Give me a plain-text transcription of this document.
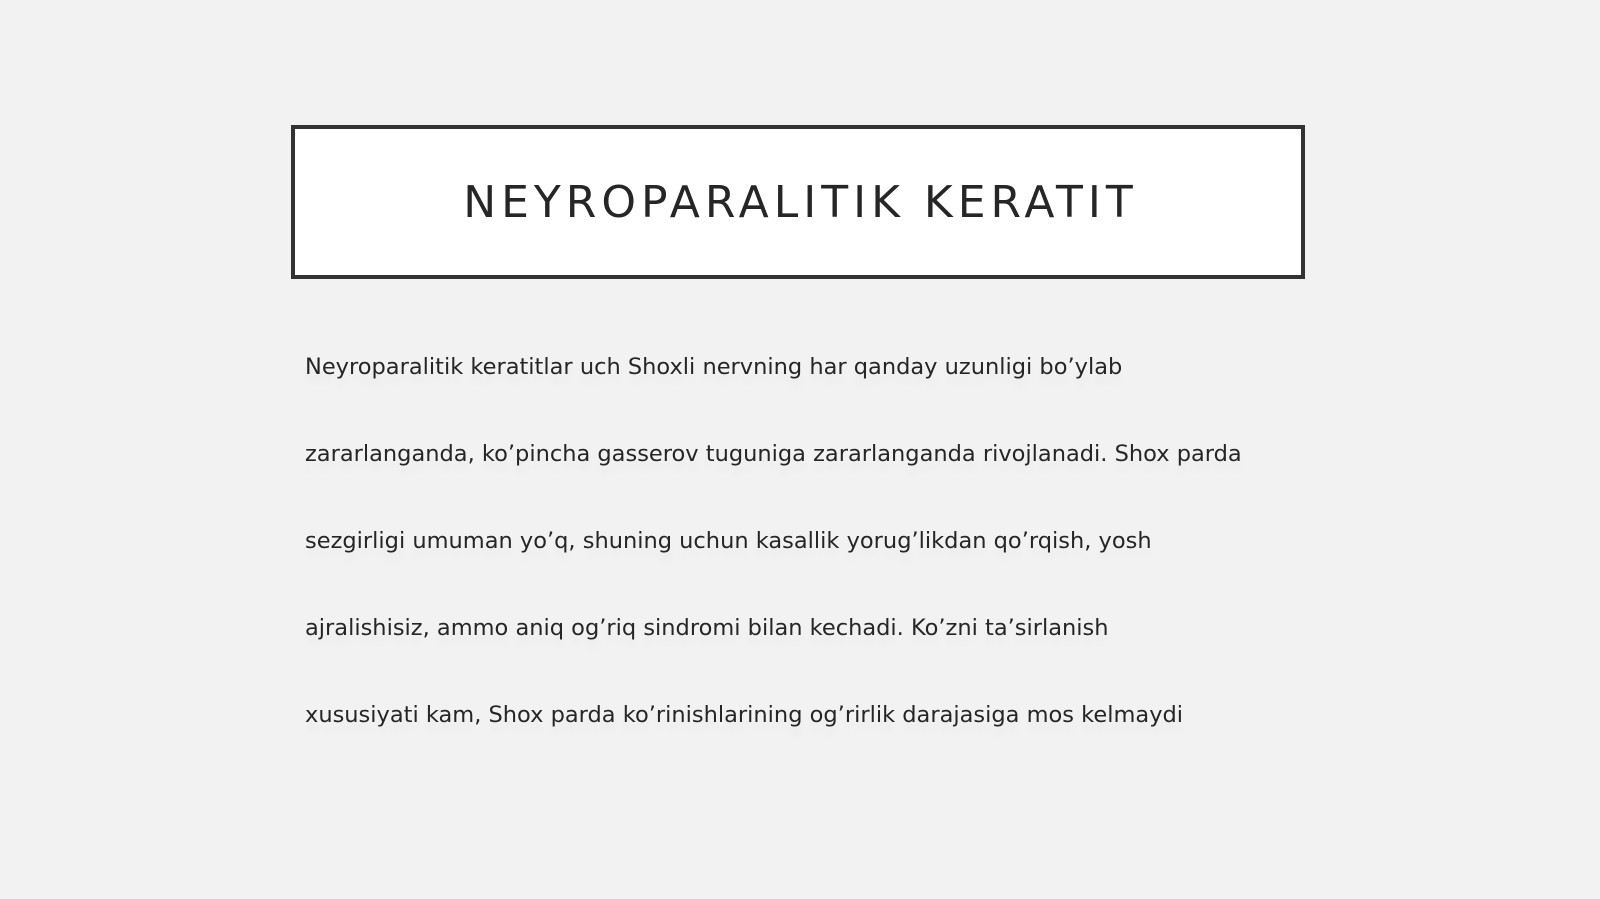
NEYROPARALITIK KERATIT
Neyroparalitik keratitlar uch Shoxli nervning har qanday uzunligi bo’ylab
zararlanganda, ko’pincha gasserov tuguniga zararlanganda rivojlanadi. Shox parda
sezgirligi umuman yo’q, shuning uchun kasallik yorug’likdan qo’rqish, yosh
ajralishisiz, ammo aniq og’riq sindromi bilan kechadi. Ko’zni ta’sirlanish
xususiyati kam, Shox parda ko’rinishlarining og’rirlik darajasiga mos kelmaydi
